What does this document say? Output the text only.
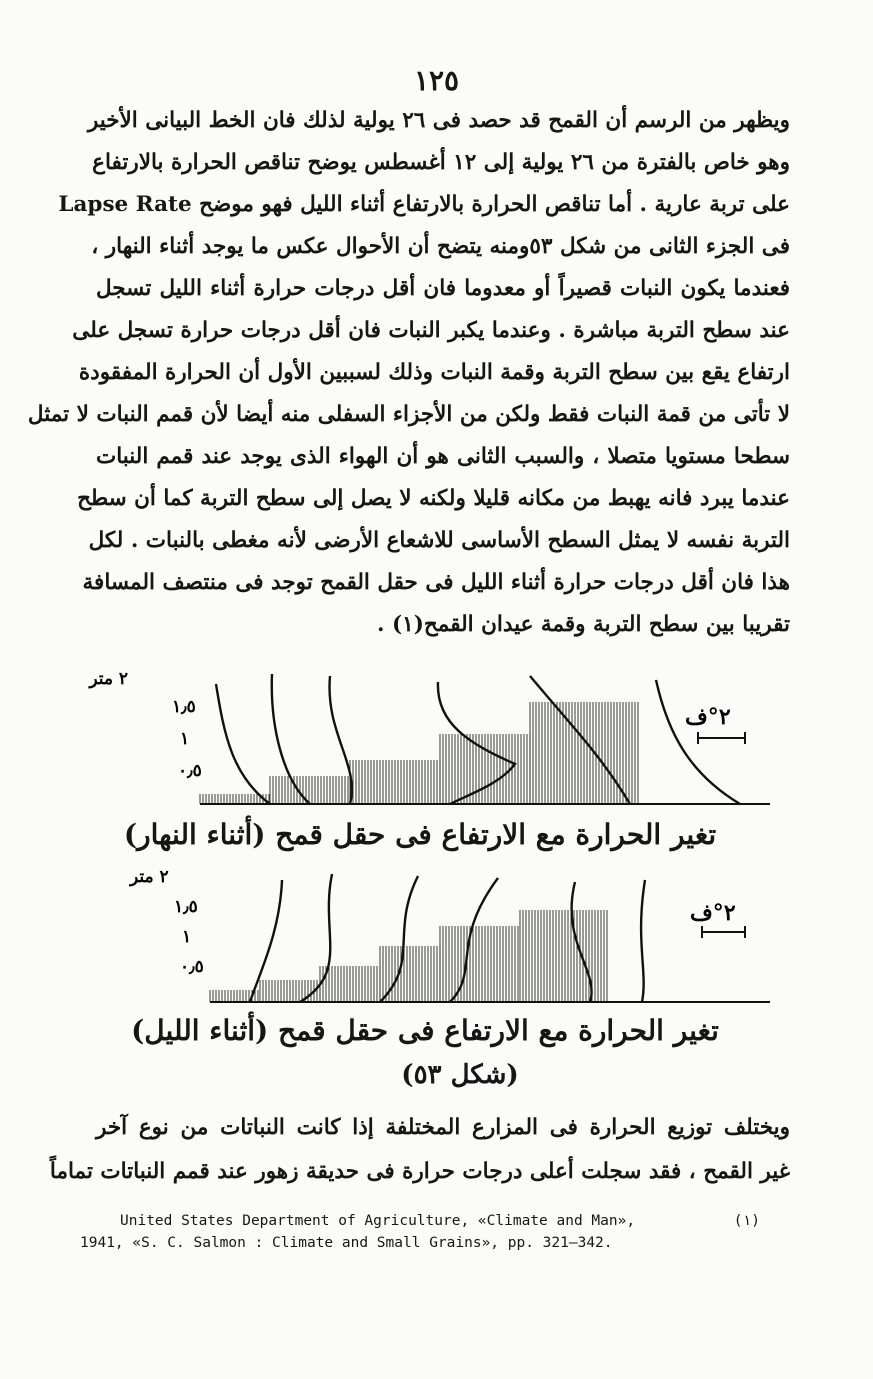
١٢٥
ويظهر من الرسم أن القمح قد حصد فى ٢٦ يولية لذلك فان الخط البيانى الأخير
وهو خاص بالفترة من ٢٦ يولية إلى ١٢ أغسطس يوضح تناقص الحرارة بالارتفاع
على تربة عارية . أما تناقص الحرارة بالارتفاع أثناء الليل فهو موضح Lapse Rate
فى الجزء الثانى من شكل ٥٣ومنه يتضح أن الأحوال عكس ما يوجد أثناء النهار ،
فعندما يكون النبات قصيراً أو معدوما فان أقل درجات حرارة أثناء الليل تسجل
عند سطح التربة مباشرة . وعندما يكبر النبات فان أقل درجات حرارة تسجل على
ارتفاع يقع بين سطح التربة وقمة النبات وذلك لسببين الأول أن الحرارة المفقودة
لا تأتى من قمة النبات فقط ولكن من الأجزاء السفلى منه أيضا لأن قمم النبات لا تمثل
سطحا مستويا متصلا ، والسبب الثانى هو أن الهواء الذى يوجد عند قمم النبات
عندما يبرد فانه يهبط من مكانه قليلا ولكنه لا يصل إلى سطح التربة كما أن سطح
التربة نفسه لا يمثل السطح الأساسى للاشعاع الأرضى لأنه مغطى بالنبات . لكل
هذا فان أقل درجات حرارة أثناء الليل فى حقل القمح توجد فى منتصف المسافة
تقريبا بين سطح التربة وقمة عيدان القمح(١) .
٢ متر
١٫٥
١
٠٫٥
٢°ف
تغير الحرارة مع الارتفاع فى حقل قمح (أثناء النهار)
٢ متر
١٫٥
١
٠٫٥
٢°ف
تغير الحرارة مع الارتفاع فى حقل قمح (أثناء الليل)
(شكل ٥٣)
ويختلف توزيع الحرارة فى المزارع المختلفة إذا كانت النباتات من نوع آخر
غير القمح ، فقد سجلت أعلى درجات حرارة فى حديقة زهور عند قمم النباتات تماماً
(١)
United States Department of Agriculture, «Climate and Man»,
1941, «S. C. Salmon : Climate and Small Grains», pp. 321—342.
